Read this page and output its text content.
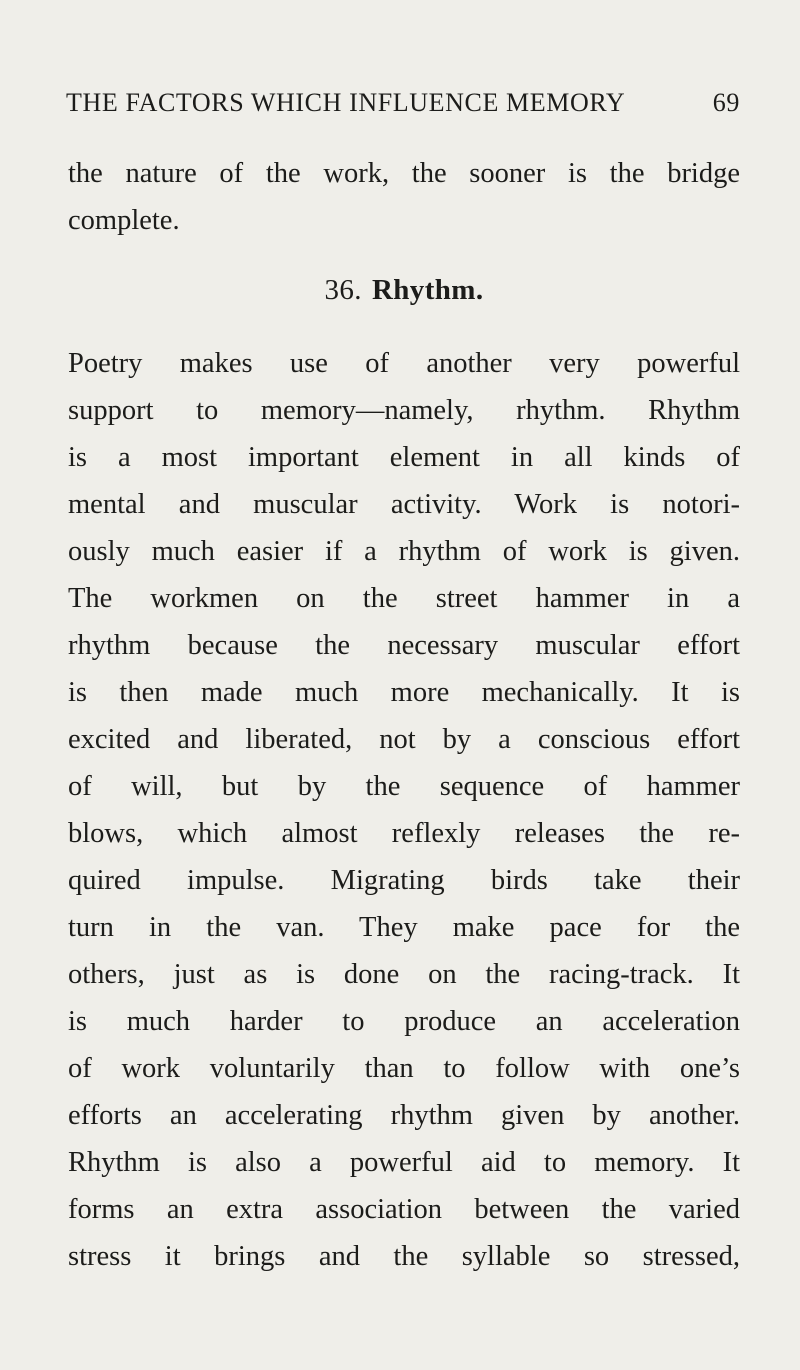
THE FACTORS WHICH INFLUENCE MEMORY	69
the nature of the work, the sooner is the bridge
complete.
36. Rhythm.
Poetry makes use of another very powerful
support to memory—namely, rhythm. Rhythm
is a most important element in all kinds of
mental and muscular activity. Work is notori-
ously much easier if a rhythm of work is given.
The workmen on the street hammer in a
rhythm because the necessary muscular effort
is then made much more mechanically. It is
excited and liberated, not by a conscious effort
of will, but by the sequence of hammer
blows, which almost reflexly releases the re-
quired impulse. Migrating birds take their
turn in the van. They make pace for the
others, just as is done on the racing-track. It
is much harder to produce an acceleration
of work voluntarily than to follow with one’s
efforts an accelerating rhythm given by another.
Rhythm is also a powerful aid to memory. It
forms an extra association between the varied
stress it brings and the syllable so stressed,
